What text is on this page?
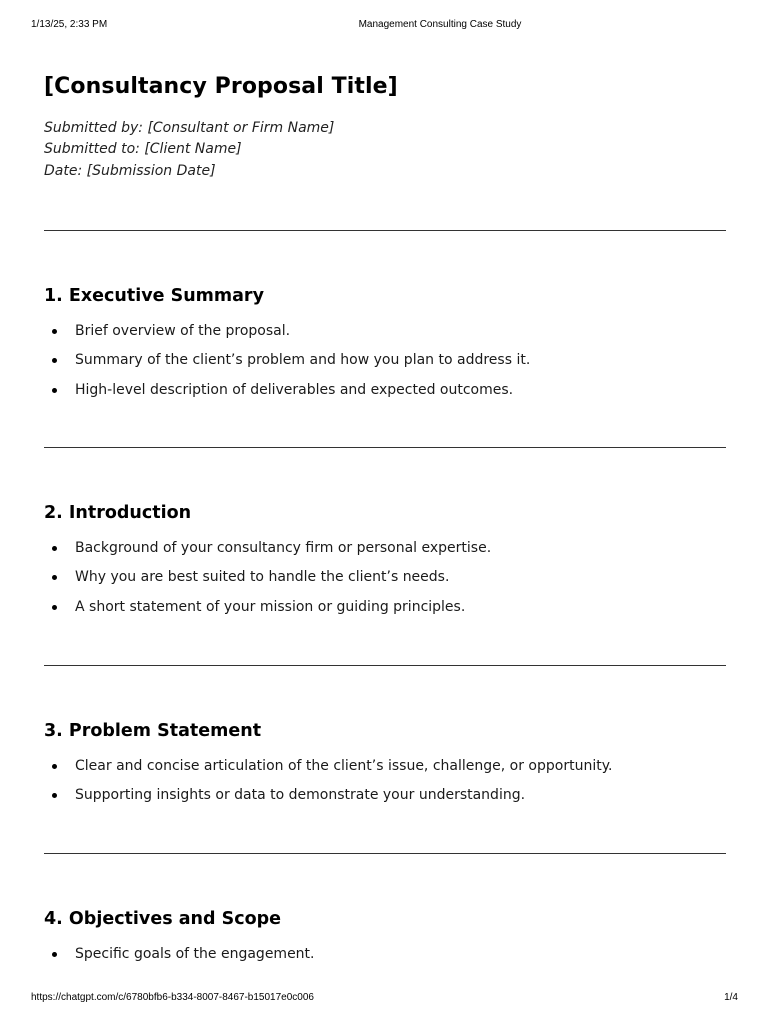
1/13/25, 2:33 PM	Management Consulting Case Study
[Consultancy Proposal Title]
Submitted by: [Consultant or Firm Name]
Submitted to: [Client Name]
Date: [Submission Date]
1. Executive Summary
Brief overview of the proposal.
Summary of the client’s problem and how you plan to address it.
High-level description of deliverables and expected outcomes.
2. Introduction
Background of your consultancy firm or personal expertise.
Why you are best suited to handle the client’s needs.
A short statement of your mission or guiding principles.
3. Problem Statement
Clear and concise articulation of the client’s issue, challenge, or opportunity.
Supporting insights or data to demonstrate your understanding.
4. Objectives and Scope
Specific goals of the engagement.
https://chatgpt.com/c/6780bfb6-b334-8007-8467-b15017e0c006	1/4
